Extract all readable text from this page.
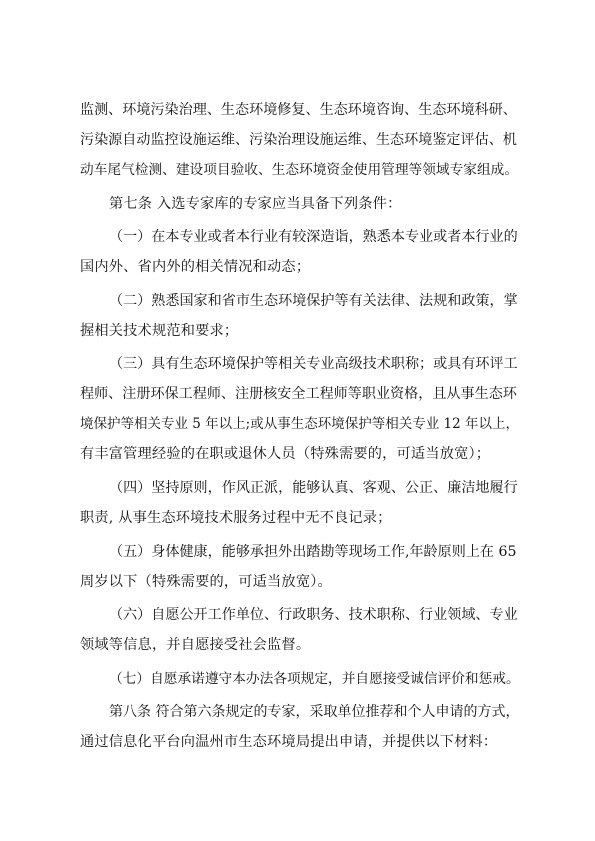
监测、环境污染治理、生态环境修复、生态环境咨询、生态环境科研、
污染源自动监控设施运维、污染治理设施运维、生态环境鉴定评估、机
动车尾气检测、建设项目验收、生态环境资金使用管理等领域专家组成。
第七条 入选专家库的专家应当具备下列条件：
（一）在本专业或者本行业有较深造诣，熟悉本专业或者本行业的
国内外、省内外的相关情况和动态；
（二）熟悉国家和省市生态环境保护等有关法律、法规和政策，掌
握相关技术规范和要求；
（三）具有生态环境保护等相关专业高级技术职称；或具有环评工
程师、注册环保工程师、注册核安全工程师等职业资格，且从事生态环
境保护等相关专业 5 年以上;或从事生态环境保护等相关专业 12 年以上，
有丰富管理经验的在职或退休人员（特殊需要的，可适当放宽）；
（四）坚持原则，作风正派，能够认真、客观、公正、廉洁地履行
职责, 从事生态环境技术服务过程中无不良记录；
（五）身体健康，能够承担外出踏勘等现场工作,年龄原则上在 65
周岁以下（特殊需要的，可适当放宽）。
（六）自愿公开工作单位、行政职务、技术职称、行业领域、专业
领域等信息，并自愿接受社会监督。
（七）自愿承诺遵守本办法各项规定，并自愿接受诚信评价和惩戒。
第八条 符合第六条规定的专家，采取单位推荐和个人申请的方式，
通过信息化平台向温州市生态环境局提出申请，并提供以下材料：
